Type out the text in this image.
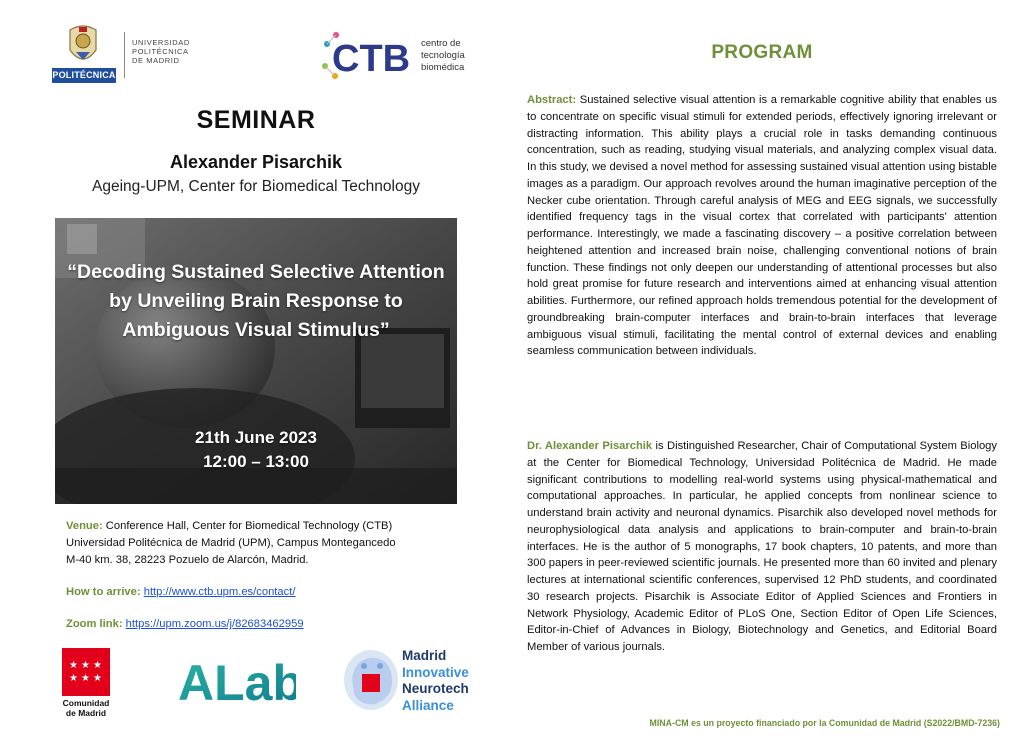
POLITÉCNICA
UNIVERSIDAD
POLITÉCNICA
DE MADRID	CTB centro de
tecnología
biomédica
SEMINAR
Alexander Pisarchik
Ageing-UPM, Center for Biomedical Technology
“Decoding Sustained Selective Attention by Unveiling Brain Response to Ambiguous Visual Stimulus”
21th June 2023
12:00 – 13:00
Venue: Conference Hall, Center for Biomedical Technology (CTB)
Universidad Politécnica de Madrid (UPM), Campus Montegancedo
M-40 km. 38, 28223 Pozuelo de Alarcón, Madrid.
How to arrive: http://www.ctb.upm.es/contact/
Zoom link: https://upm.zoom.us/j/82683462959
★ ★ ★
★ ★ ★
Comunidad
de Madrid
ALab	Madrid
Innovative
Neurotech
Alliance
PROGRAM
Abstract: Sustained selective visual attention is a remarkable cognitive ability that enables us to concentrate on specific visual stimuli for extended periods, effectively ignoring irrelevant or distracting information. This ability plays a crucial role in tasks demanding continuous concentration, such as reading, studying visual materials, and analyzing complex visual data. In this study, we devised a novel method for assessing sustained visual attention using bistable images as a paradigm. Our approach revolves around the human imaginative perception of the Necker cube orientation. Through careful analysis of MEG and EEG signals, we successfully identified frequency tags in the visual cortex that correlated with participants' attention performance. Interestingly, we made a fascinating discovery – a positive correlation between heightened attention and increased brain noise, challenging conventional notions of brain function. These findings not only deepen our understanding of attentional processes but also hold great promise for future research and interventions aimed at enhancing visual attention abilities. Furthermore, our refined approach holds tremendous potential for the development of groundbreaking brain-computer interfaces and brain-to-brain interfaces that leverage ambiguous visual stimuli, facilitating the mental control of external devices and enabling seamless communication between individuals.
Dr. Alexander Pisarchik is Distinguished Researcher, Chair of Computational System Biology at the Center for Biomedical Technology, Universidad Politécnica de Madrid. He made significant contributions to modelling real-world systems using physical-mathematical and computational approaches. In particular, he applied concepts from nonlinear science to understand brain activity and neuronal dynamics. Pisarchik also developed novel methods for neurophysiological data analysis and applications to brain-computer and brain-to-brain interfaces. He is the author of 5 monographs, 17 book chapters, 10 patents, and more than 300 papers in peer-reviewed scientific journals. He presented more than 60 invited and plenary lectures at international scientific conferences, supervised 12 PhD students, and coordinated 30 research projects. Pisarchik is Associate Editor of Applied Sciences and Frontiers in Network Physiology, Academic Editor of PLoS One, Section Editor of Open Life Sciences, Editor-in-Chief of Advances in Biology, Biotechnology and Genetics, and Editorial Board Member of various journals.
MINA-CM es un proyecto financiado por la Comunidad de Madrid (S2022/BMD-7236)
